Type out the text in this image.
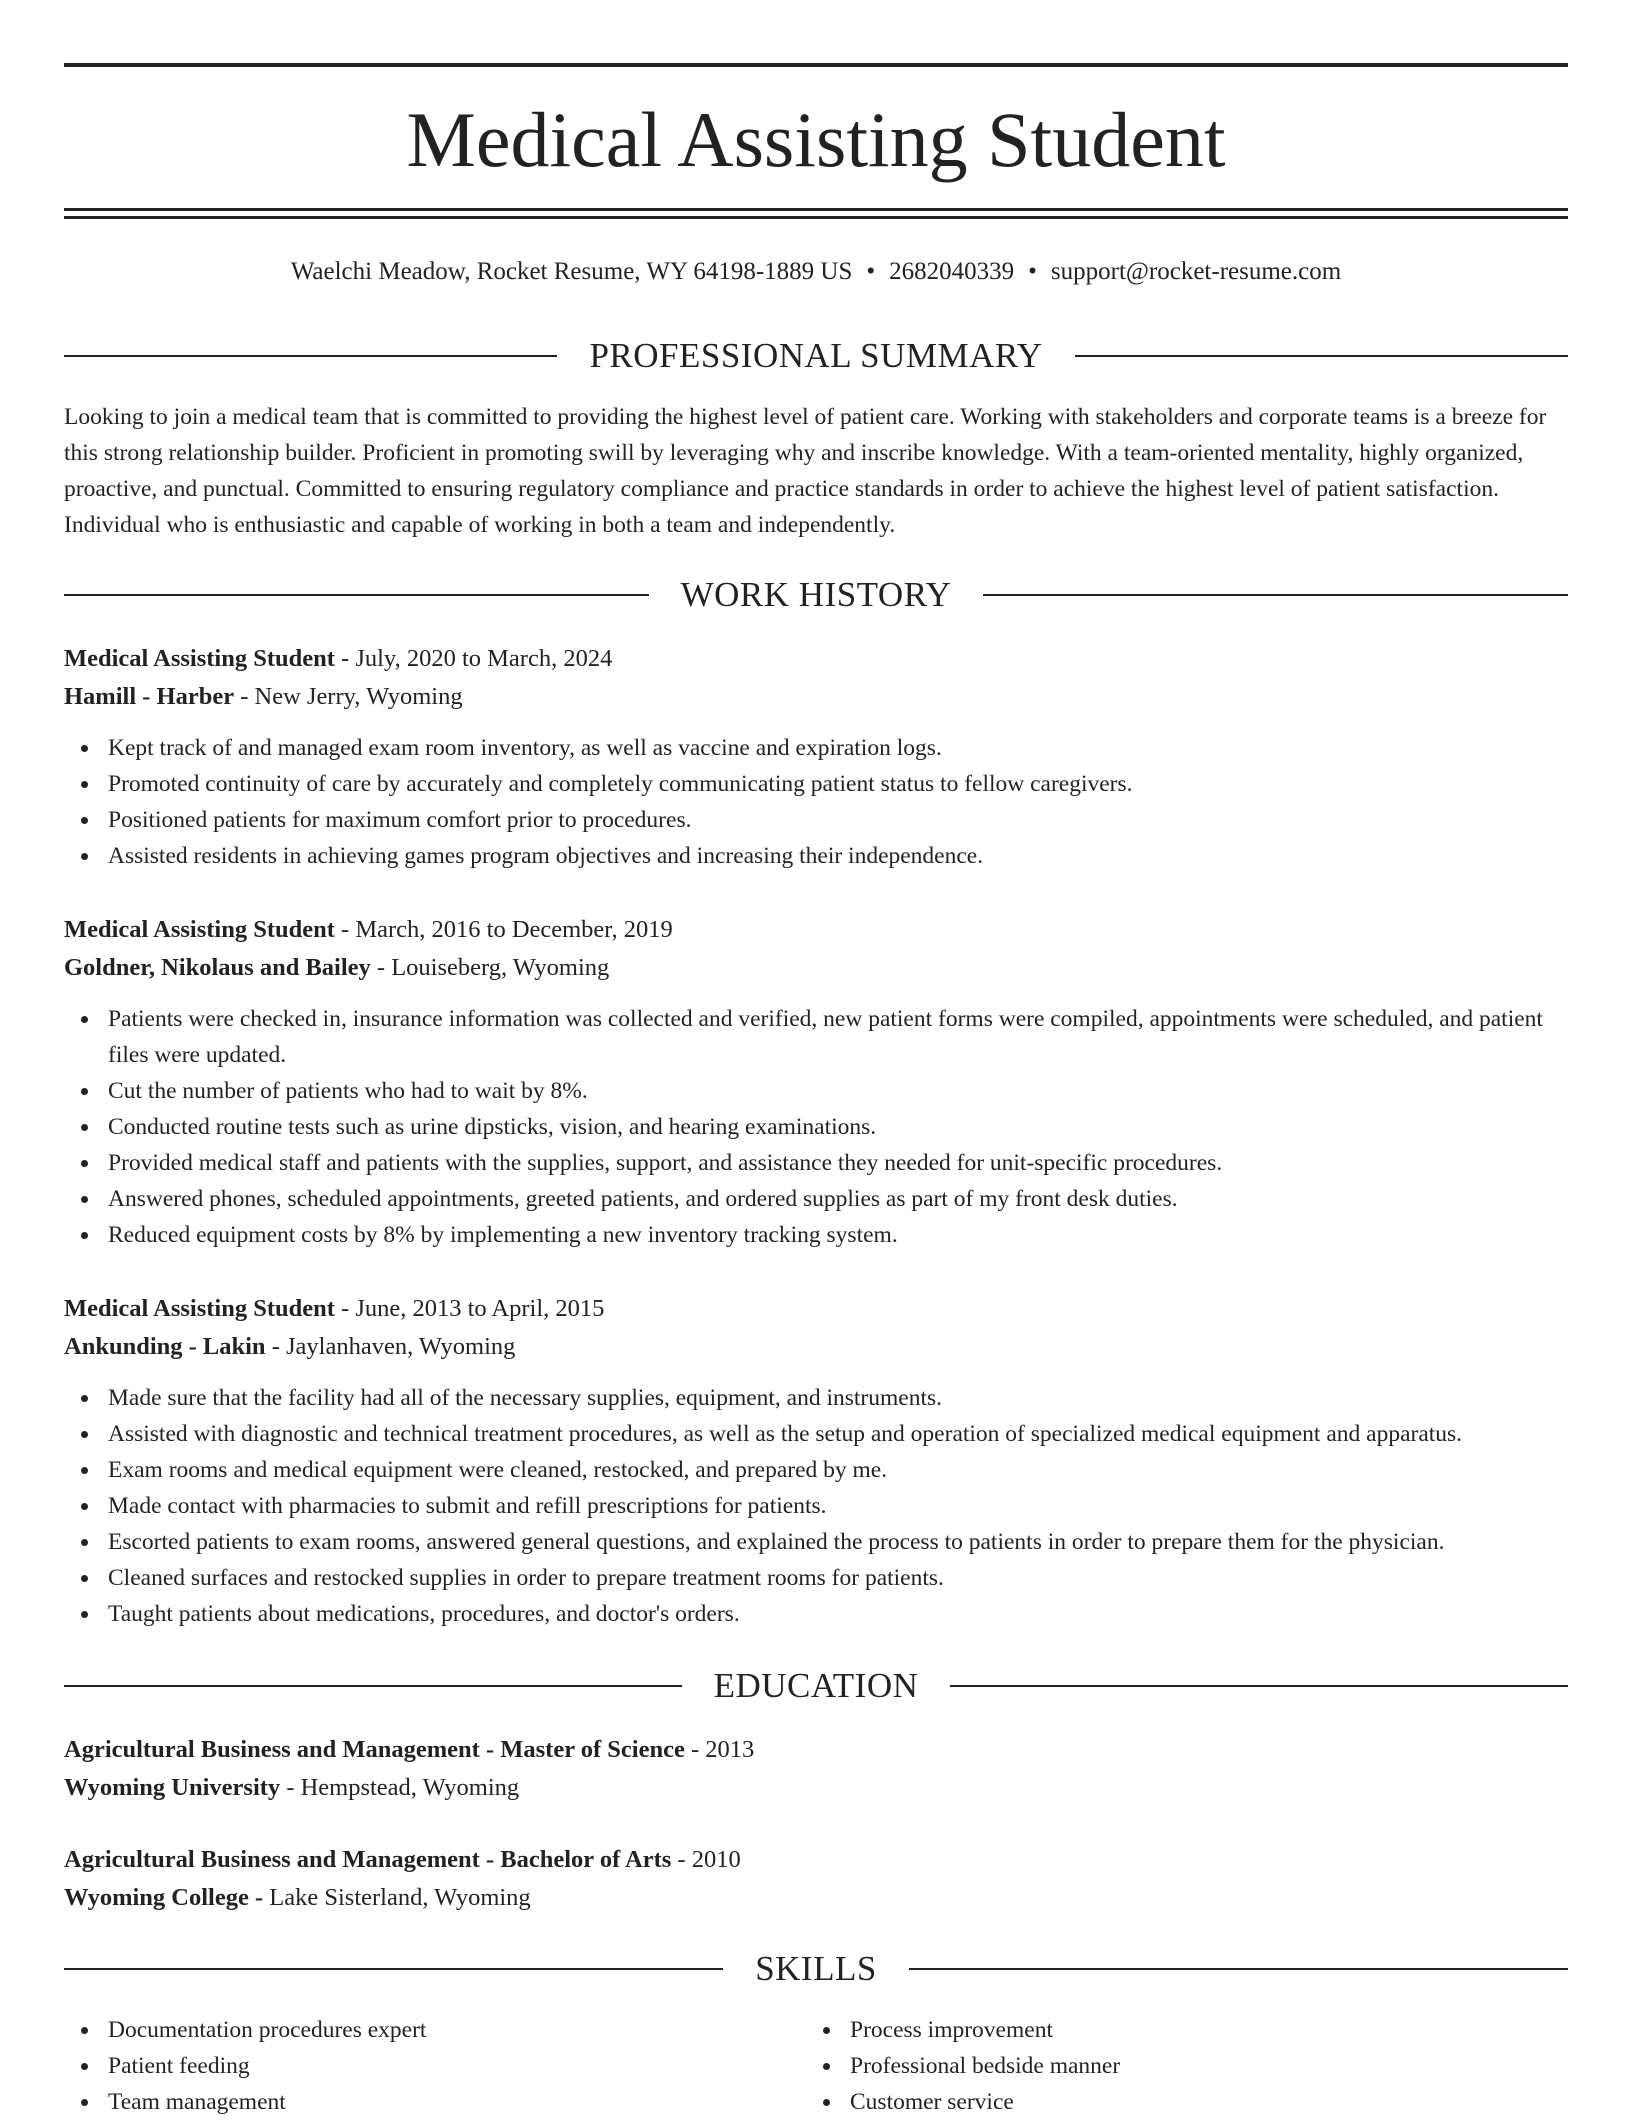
Medical Assisting Student
Waelchi Meadow, Rocket Resume, WY 64198-1889 US • 2682040339 • support@rocket-resume.com
PROFESSIONAL SUMMARY

Looking to join a medical team that is committed to providing the highest level of patient care. Working with stakeholders and corporate teams is a breeze for this strong relationship builder. Proficient in promoting swill by leveraging why and inscribe knowledge. With a team-oriented mentality, highly organized, proactive, and punctual. Committed to ensuring regulatory compliance and practice standards in order to achieve the highest level of patient satisfaction. Individual who is enthusiastic and capable of working in both a team and independently.

WORK HISTORY

Medical Assisting Student - July, 2020 to March, 2024

Hamill - Harber - New Jerry, Wyoming

Kept track of and managed exam room inventory, as well as vaccine and expiration logs.
Promoted continuity of care by accurately and completely communicating patient status to fellow caregivers.
Positioned patients for maximum comfort prior to procedures.
Assisted residents in achieving games program objectives and increasing their independence.

Medical Assisting Student - March, 2016 to December, 2019

Goldner, Nikolaus and Bailey - Louiseberg, Wyoming

Patients were checked in, insurance information was collected and verified, new patient forms were compiled, appointments were scheduled, and patient files were updated.
Cut the number of patients who had to wait by 8%.
Conducted routine tests such as urine dipsticks, vision, and hearing examinations.
Provided medical staff and patients with the supplies, support, and assistance they needed for unit-specific procedures.
Answered phones, scheduled appointments, greeted patients, and ordered supplies as part of my front desk duties.
Reduced equipment costs by 8% by implementing a new inventory tracking system.

Medical Assisting Student - June, 2013 to April, 2015

Ankunding - Lakin - Jaylanhaven, Wyoming

Made sure that the facility had all of the necessary supplies, equipment, and instruments.
Assisted with diagnostic and technical treatment procedures, as well as the setup and operation of specialized medical equipment and apparatus.
Exam rooms and medical equipment were cleaned, restocked, and prepared by me.
Made contact with pharmacies to submit and refill prescriptions for patients.
Escorted patients to exam rooms, answered general questions, and explained the process to patients in order to prepare them for the physician.
Cleaned surfaces and restocked supplies in order to prepare treatment rooms for patients.
Taught patients about medications, procedures, and doctor's orders.
EDUCATION

Agricultural Business and Management - Master of Science - 2013

Wyoming University - Hempstead, Wyoming

Agricultural Business and Management - Bachelor of Arts - 2010

Wyoming College - Lake Sisterland, Wyoming

SKILLS
Documentation procedures expert
Patient feeding
Team management
Process improvement
Professional bedside manner
Customer service
